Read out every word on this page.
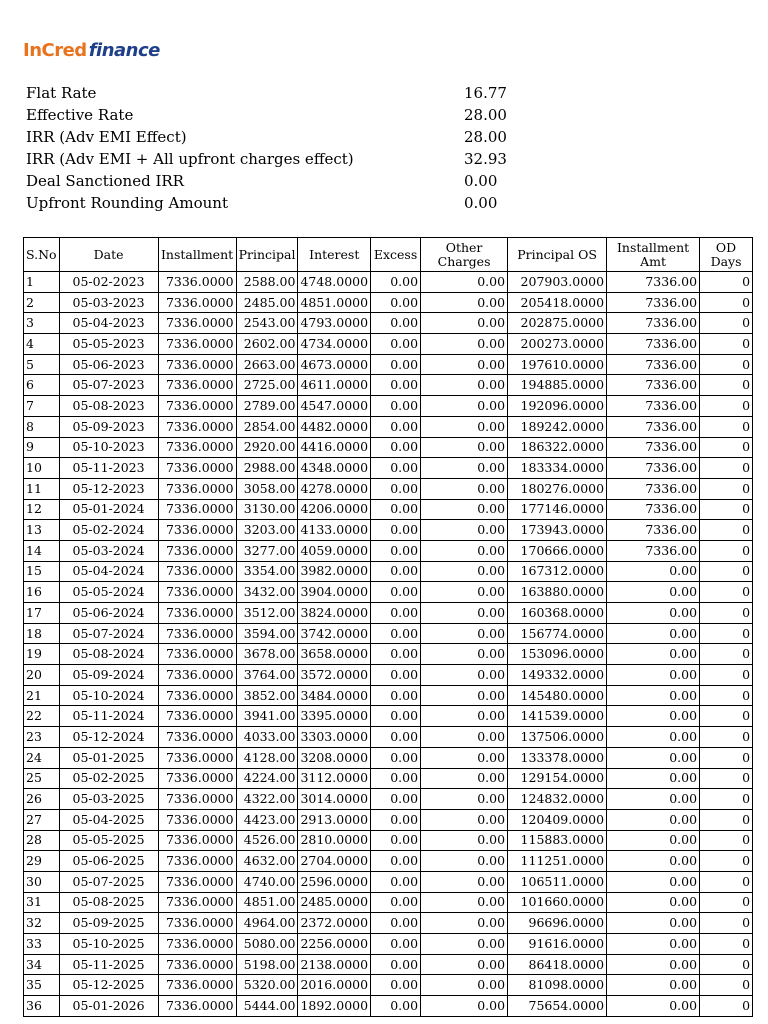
InCred finance
Flat Rate	16.77
Effective Rate	28.00
IRR (Adv EMI Effect)	28.00
IRR (Adv EMI + All upfront charges effect)	32.93
Deal Sanctioned IRR	0.00
Upfront Rounding Amount	0.00
S.No	Date	Installment	Principal	Interest	Excess	Other Charges	Principal OS	Installment Amt	OD Days
1	05-02-2023	7336.0000	2588.00	4748.0000	0.00	0.00	207903.0000	7336.00	0
2	05-03-2023	7336.0000	2485.00	4851.0000	0.00	0.00	205418.0000	7336.00	0
3	05-04-2023	7336.0000	2543.00	4793.0000	0.00	0.00	202875.0000	7336.00	0
4	05-05-2023	7336.0000	2602.00	4734.0000	0.00	0.00	200273.0000	7336.00	0
5	05-06-2023	7336.0000	2663.00	4673.0000	0.00	0.00	197610.0000	7336.00	0
6	05-07-2023	7336.0000	2725.00	4611.0000	0.00	0.00	194885.0000	7336.00	0
7	05-08-2023	7336.0000	2789.00	4547.0000	0.00	0.00	192096.0000	7336.00	0
8	05-09-2023	7336.0000	2854.00	4482.0000	0.00	0.00	189242.0000	7336.00	0
9	05-10-2023	7336.0000	2920.00	4416.0000	0.00	0.00	186322.0000	7336.00	0
10	05-11-2023	7336.0000	2988.00	4348.0000	0.00	0.00	183334.0000	7336.00	0
11	05-12-2023	7336.0000	3058.00	4278.0000	0.00	0.00	180276.0000	7336.00	0
12	05-01-2024	7336.0000	3130.00	4206.0000	0.00	0.00	177146.0000	7336.00	0
13	05-02-2024	7336.0000	3203.00	4133.0000	0.00	0.00	173943.0000	7336.00	0
14	05-03-2024	7336.0000	3277.00	4059.0000	0.00	0.00	170666.0000	7336.00	0
15	05-04-2024	7336.0000	3354.00	3982.0000	0.00	0.00	167312.0000	0.00	0
16	05-05-2024	7336.0000	3432.00	3904.0000	0.00	0.00	163880.0000	0.00	0
17	05-06-2024	7336.0000	3512.00	3824.0000	0.00	0.00	160368.0000	0.00	0
18	05-07-2024	7336.0000	3594.00	3742.0000	0.00	0.00	156774.0000	0.00	0
19	05-08-2024	7336.0000	3678.00	3658.0000	0.00	0.00	153096.0000	0.00	0
20	05-09-2024	7336.0000	3764.00	3572.0000	0.00	0.00	149332.0000	0.00	0
21	05-10-2024	7336.0000	3852.00	3484.0000	0.00	0.00	145480.0000	0.00	0
22	05-11-2024	7336.0000	3941.00	3395.0000	0.00	0.00	141539.0000	0.00	0
23	05-12-2024	7336.0000	4033.00	3303.0000	0.00	0.00	137506.0000	0.00	0
24	05-01-2025	7336.0000	4128.00	3208.0000	0.00	0.00	133378.0000	0.00	0
25	05-02-2025	7336.0000	4224.00	3112.0000	0.00	0.00	129154.0000	0.00	0
26	05-03-2025	7336.0000	4322.00	3014.0000	0.00	0.00	124832.0000	0.00	0
27	05-04-2025	7336.0000	4423.00	2913.0000	0.00	0.00	120409.0000	0.00	0
28	05-05-2025	7336.0000	4526.00	2810.0000	0.00	0.00	115883.0000	0.00	0
29	05-06-2025	7336.0000	4632.00	2704.0000	0.00	0.00	111251.0000	0.00	0
30	05-07-2025	7336.0000	4740.00	2596.0000	0.00	0.00	106511.0000	0.00	0
31	05-08-2025	7336.0000	4851.00	2485.0000	0.00	0.00	101660.0000	0.00	0
32	05-09-2025	7336.0000	4964.00	2372.0000	0.00	0.00	96696.0000	0.00	0
33	05-10-2025	7336.0000	5080.00	2256.0000	0.00	0.00	91616.0000	0.00	0
34	05-11-2025	7336.0000	5198.00	2138.0000	0.00	0.00	86418.0000	0.00	0
35	05-12-2025	7336.0000	5320.00	2016.0000	0.00	0.00	81098.0000	0.00	0
36	05-01-2026	7336.0000	5444.00	1892.0000	0.00	0.00	75654.0000	0.00	0
